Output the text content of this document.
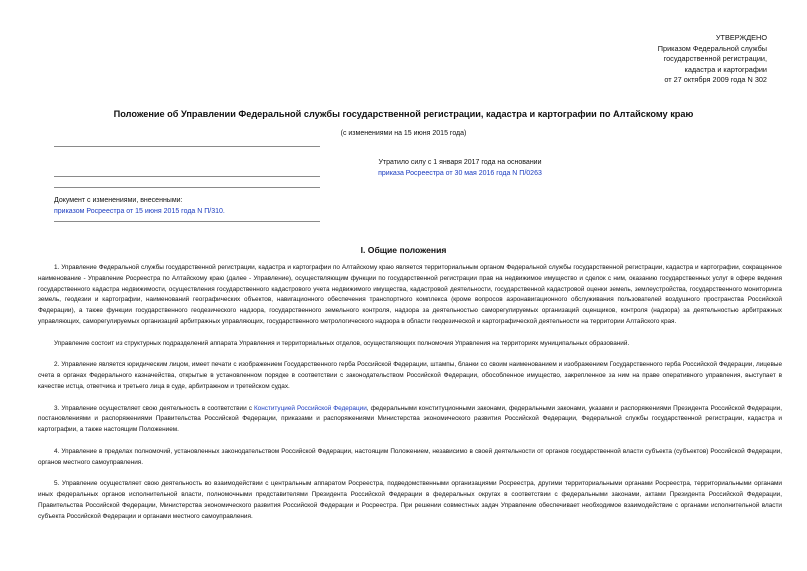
УТВЕРЖДЕНО
Приказом Федеральной службы
государственной регистрации,
кадастра и картографии
от 27 октября 2009 года N 302
Положение об Управлении Федеральной службы государственной регистрации, кадастра и картографии по Алтайскому краю
(с изменениями на 15 июня 2015 года)
Утратило силу с 1 января 2017 года на основании
приказа Росреестра от 30 мая 2016 года N П/0263
Документ с изменениями, внесенными:
приказом Росреестра от 15 июня 2015 года N П/310.
I. Общие положения

1. Управление Федеральной службы государственной регистрации, кадастра и картографии по Алтайскому краю является территориальным органом Федеральной службы государственной регистрации, кадастра и картографии, сокращенное наименование - Управление Росреестра по Алтайскому краю (далее - Управление), осуществляющим функции по государственной регистрации прав на недвижимое имущество и сделок с ним, оказанию государственных услуг в сфере ведения государственного кадастра недвижимости, осуществления государственного кадастрового учета недвижимого имущества, кадастровой деятельности, государственной кадастровой оценки земель, землеустройства, государственного мониторинга земель, геодезии и картографии, наименований географических объектов, навигационного обеспечения транспортного комплекса (кроме вопросов аэронавигационного обслуживания пользователей воздушного пространства Российской Федерации), а также функции государственного геодезического надзора, государственного земельного контроля, надзора за деятельностью саморегулируемых организаций оценщиков, контроля (надзора) за деятельностью арбитражных управляющих, саморегулируемых организаций арбитражных управляющих, государственного метрологического надзора в области геодезической и картографической деятельности на территории Алтайского края.

Управление состоит из структурных подразделений аппарата Управления и территориальных отделов, осуществляющих полномочия Управления на территориях муниципальных образований.

2. Управление является юридическим лицом, имеет печати с изображением Государственного герба Российской Федерации, штампы, бланки со своим наименованием и изображением Государственного герба Российской Федерации, лицевые счета в органах Федерального казначейства, открытые в установленном порядке в соответствии с законодательством Российской Федерации, обособленное имущество, закрепленное за ним на праве оперативного управления, выступает в качестве истца, ответчика и третьего лица в суде, арбитражном и третейском судах.

3. Управление осуществляет свою деятельность в соответствии с Конституцией Российской Федерации, федеральными конституционными законами, федеральными законами, указами и распоряжениями Президента Российской Федерации, постановлениями и распоряжениями Правительства Российской Федерации, приказами и распоряжениями Министерства экономического развития Российской Федерации, Федеральной службы государственной регистрации, кадастра и картографии, а также настоящим Положением.

4. Управление в пределах полномочий, установленных законодательством Российской Федерации, настоящим Положением, независимо в своей деятельности от органов государственной власти субъекта (субъектов) Российской Федерации, органов местного самоуправления.

5. Управление осуществляет свою деятельность во взаимодействии с центральным аппаратом Росреестра, подведомственными организациями Росреестра, другими территориальными органами Росреестра, территориальными органами иных федеральных органов исполнительной власти, полномочными представителями Президента Российской Федерации в федеральных округах в соответствии с федеральными законами, актами Президента Российской Федерации, Правительства Российской Федерации, Министерства экономического развития Российской Федерации и Росреестра. При решении совместных задач Управление обеспечивает необходимое взаимодействие с органами исполнительной власти субъекта Российской Федерации и органами местного самоуправления.
